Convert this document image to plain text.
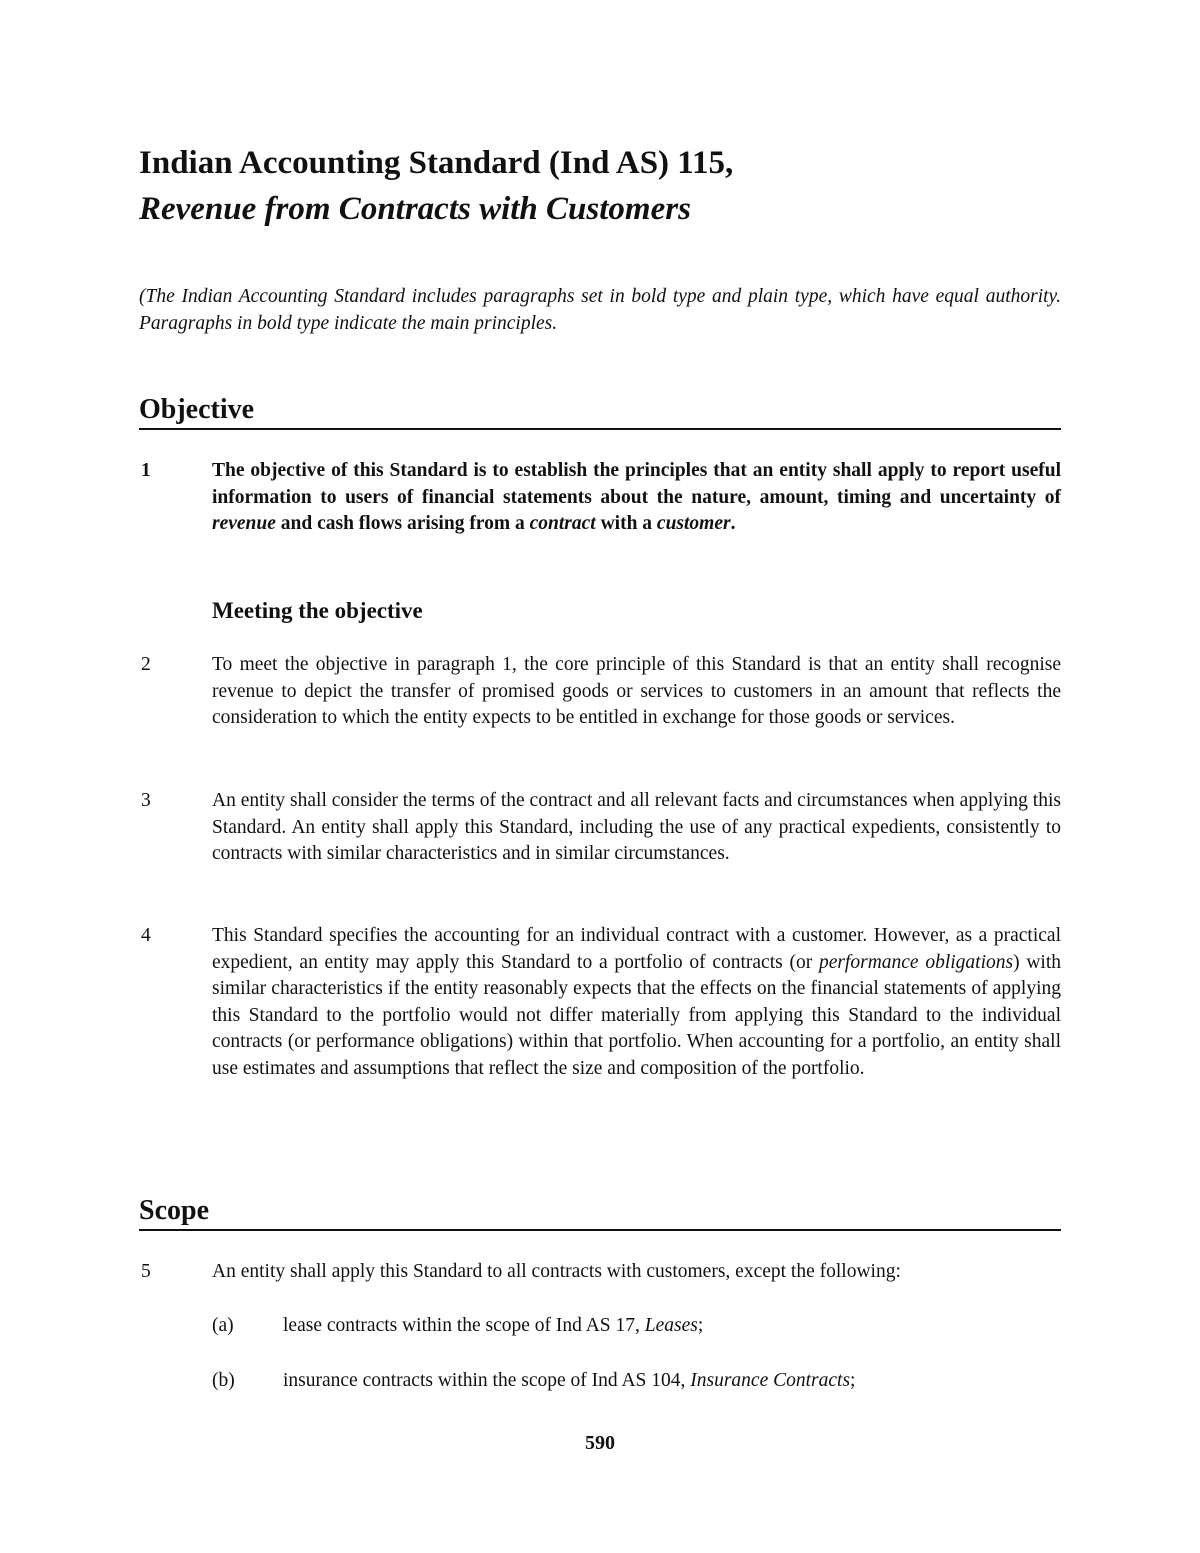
Indian Accounting Standard (Ind AS) 115,
Revenue from Contracts with Customers
(The Indian Accounting Standard includes paragraphs set in bold type and plain type, which have equal authority. Paragraphs in bold type indicate the main principles.
Objective
1	The objective of this Standard is to establish the principles that an entity shall apply to report useful information to users of financial statements about the nature, amount, timing and uncertainty of revenue and cash flows arising from a contract with a customer.
Meeting the objective
2	To meet the objective in paragraph 1, the core principle of this Standard is that an entity shall recognise revenue to depict the transfer of promised goods or services to customers in an amount that reflects the consideration to which the entity expects to be entitled in exchange for those goods or services.
3	An entity shall consider the terms of the contract and all relevant facts and circumstances when applying this Standard. An entity shall apply this Standard, including the use of any practical expedients, consistently to contracts with similar characteristics and in similar circumstances.
4	This Standard specifies the accounting for an individual contract with a customer. However, as a practical expedient, an entity may apply this Standard to a portfolio of contracts (or performance obligations) with similar characteristics if the entity reasonably expects that the effects on the financial statements of applying this Standard to the portfolio would not differ materially from applying this Standard to the individual contracts (or performance obligations) within that portfolio. When accounting for a portfolio, an entity shall use estimates and assumptions that reflect the size and composition of the portfolio.
Scope
5	An entity shall apply this Standard to all contracts with customers, except the following:
(a)	lease contracts within the scope of Ind AS 17, Leases;
(b)	insurance contracts within the scope of Ind AS 104, Insurance Contracts;
590
